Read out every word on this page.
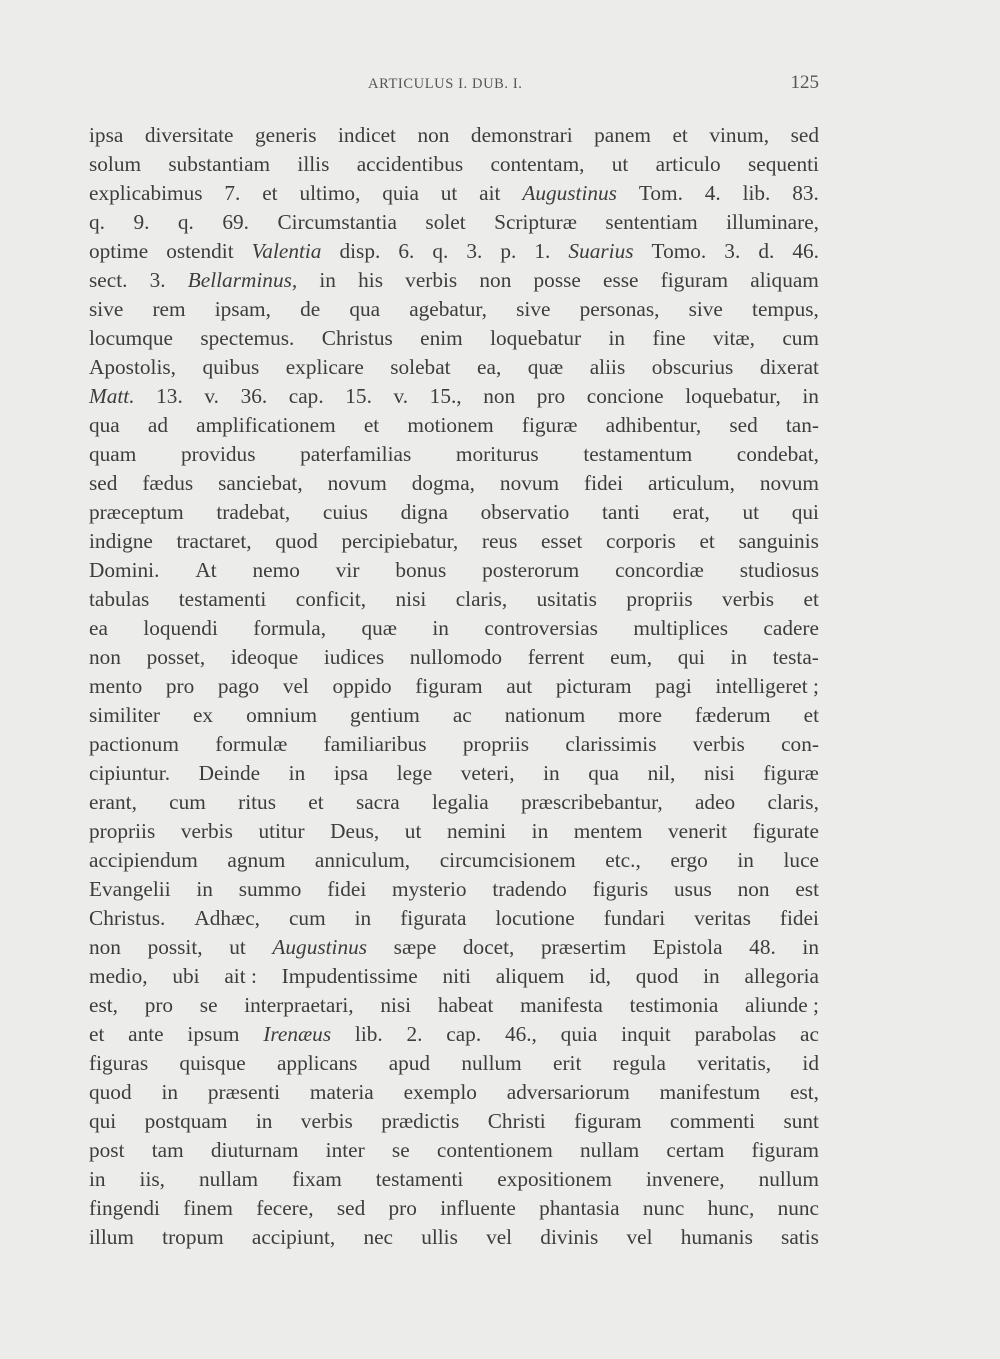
ARTICULUS I. DUB. I.	125
ipsa diversitate generis indicet non demonstrari panem et vinum, sed
solum substantiam illis accidentibus contentam, ut articulo sequenti
explicabimus 7. et ultimo, quia ut ait Augustinus Tom. 4. lib. 83.
q. 9. q. 69. Circumstantia solet Scripturæ sententiam illuminare,
optime ostendit Valentia disp. 6. q. 3. p. 1. Suarius Tomo. 3. d. 46.
sect. 3. Bellarminus, in his verbis non posse esse figuram aliquam
sive rem ipsam, de qua agebatur, sive personas, sive tempus,
locumque spectemus. Christus enim loquebatur in fine vitæ, cum
Apostolis, quibus explicare solebat ea, quæ aliis obscurius dixerat
Matt. 13. v. 36. cap. 15. v. 15., non pro concione loquebatur, in
qua ad amplificationem et motionem figuræ adhibentur, sed tan-
quam providus paterfamilias moriturus testamentum condebat,
sed fædus sanciebat, novum dogma, novum fidei articulum, novum
præceptum tradebat, cuius digna observatio tanti erat, ut qui
indigne tractaret, quod percipiebatur, reus esset corporis et sanguinis
Domini. At nemo vir bonus posterorum concordiæ studiosus
tabulas testamenti conficit, nisi claris, usitatis propriis verbis et
ea loquendi formula, quæ in controversias multiplices cadere
non posset, ideoque iudices nullomodo ferrent eum, qui in testa-
mento pro pago vel oppido figuram aut picturam pagi intelligeret ;
similiter ex omnium gentium ac nationum more fæderum et
pactionum formulæ familiaribus propriis clarissimis verbis con-
cipiuntur. Deinde in ipsa lege veteri, in qua nil, nisi figuræ
erant, cum ritus et sacra legalia præscribebantur, adeo claris,
propriis verbis utitur Deus, ut nemini in mentem venerit figurate
accipiendum agnum anniculum, circumcisionem etc., ergo in luce
Evangelii in summo fidei mysterio tradendo figuris usus non est
Christus. Adhæc, cum in figurata locutione fundari veritas fidei
non possit, ut Augustinus sæpe docet, præsertim Epistola 48. in
medio, ubi ait : Impudentissime niti aliquem id, quod in allegoria
est, pro se interpraetari, nisi habeat manifesta testimonia aliunde ;
et ante ipsum Irenæus lib. 2. cap. 46., quia inquit parabolas ac
figuras quisque applicans apud nullum erit regula veritatis, id
quod in præsenti materia exemplo adversariorum manifestum est,
qui postquam in verbis prædictis Christi figuram commenti sunt
post tam diuturnam inter se contentionem nullam certam figuram
in iis, nullam fixam testamenti expositionem invenere, nullum
fingendi finem fecere, sed pro influente phantasia nunc hunc, nunc
illum tropum accipiunt, nec ullis vel divinis vel humanis satis
